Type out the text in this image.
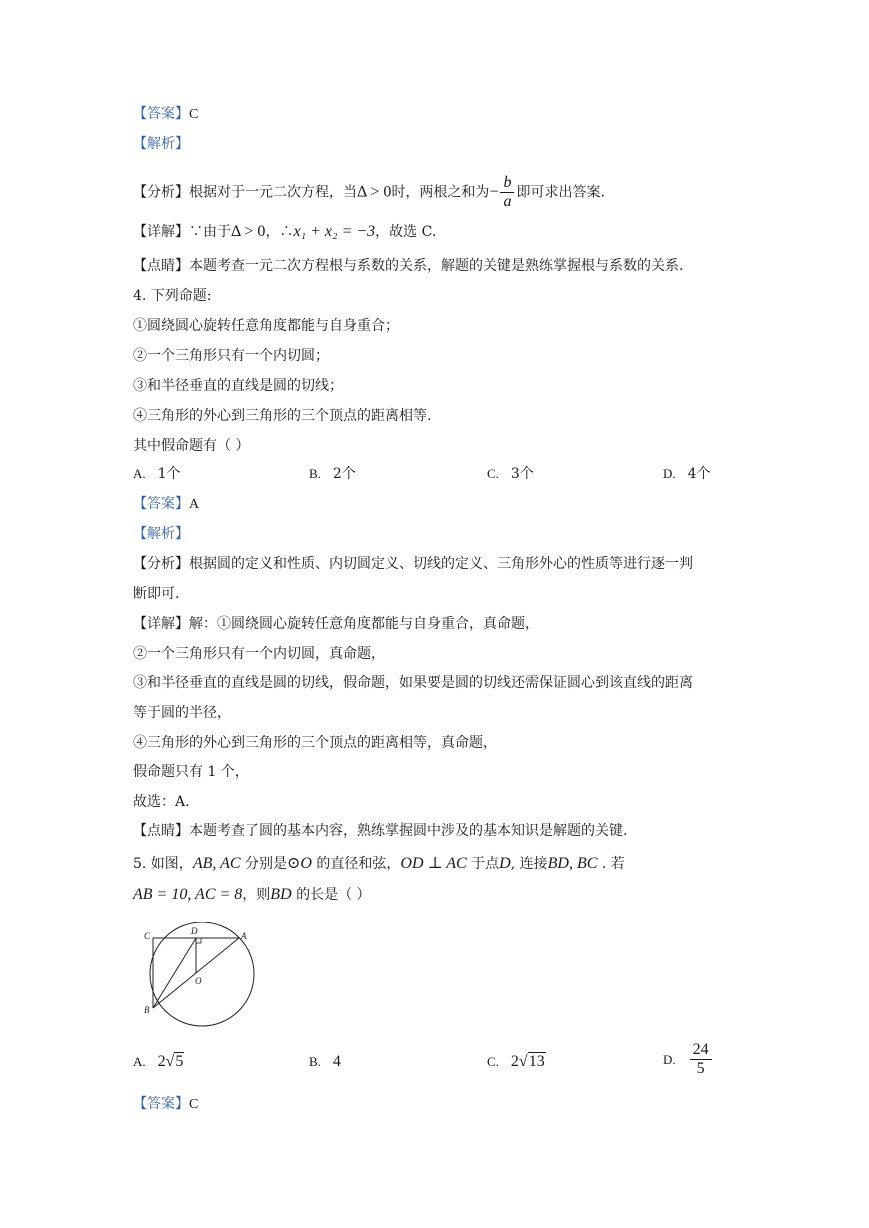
【答案】C
【解析】
【分析】根据对于一元二次方程，当Δ > 0时，两根之和为− $\frac{b}{a}$ 即可求出答案.
【详解】∵由于Δ > 0，∴x₁ + x₂ = −3，故选 C.
【点睛】本题考查一元二次方程根与系数的关系，解题的关键是熟练掌握根与系数的关系.
4. 下列命题:
①圆绕圆心旋转任意角度都能与自身重合；
②一个三角形只有一个内切圆；
③和半径垂直的直线是圆的切线；
④三角形的外心到三角形的三个顶点的距离相等.
其中假命题有（ ）
A. 1个	B. 2个	C. 3个	D. 4个
【答案】A
【解析】
【分析】根据圆的定义和性质、内切圆定义、切线的定义、三角形外心的性质等进行逐一判
断即可.
【详解】解：①圆绕圆心旋转任意角度都能与自身重合，真命题，
②一个三角形只有一个内切圆，真命题，
③和半径垂直的直线是圆的切线，假命题，如果要是圆的切线还需保证圆心到该直线的距离
等于圆的半径，
④三角形的外心到三角形的三个顶点的距离相等，真命题，
假命题只有 1 个，
故选：A.
【点睛】本题考查了圆的基本内容，熟练掌握圆中涉及的基本知识是解题的关键.
5. 如图，AB, AC 分别是⊙O 的直径和弦，OD ⊥ AC 于点D, 连接BD, BC . 若
AB = 10, AC = 8，则BD 的长是（ ）
C	D	A
O
B
A. 2√5	B. 4	C. 2√13	D. $\frac{24}{5}$
【答案】C
